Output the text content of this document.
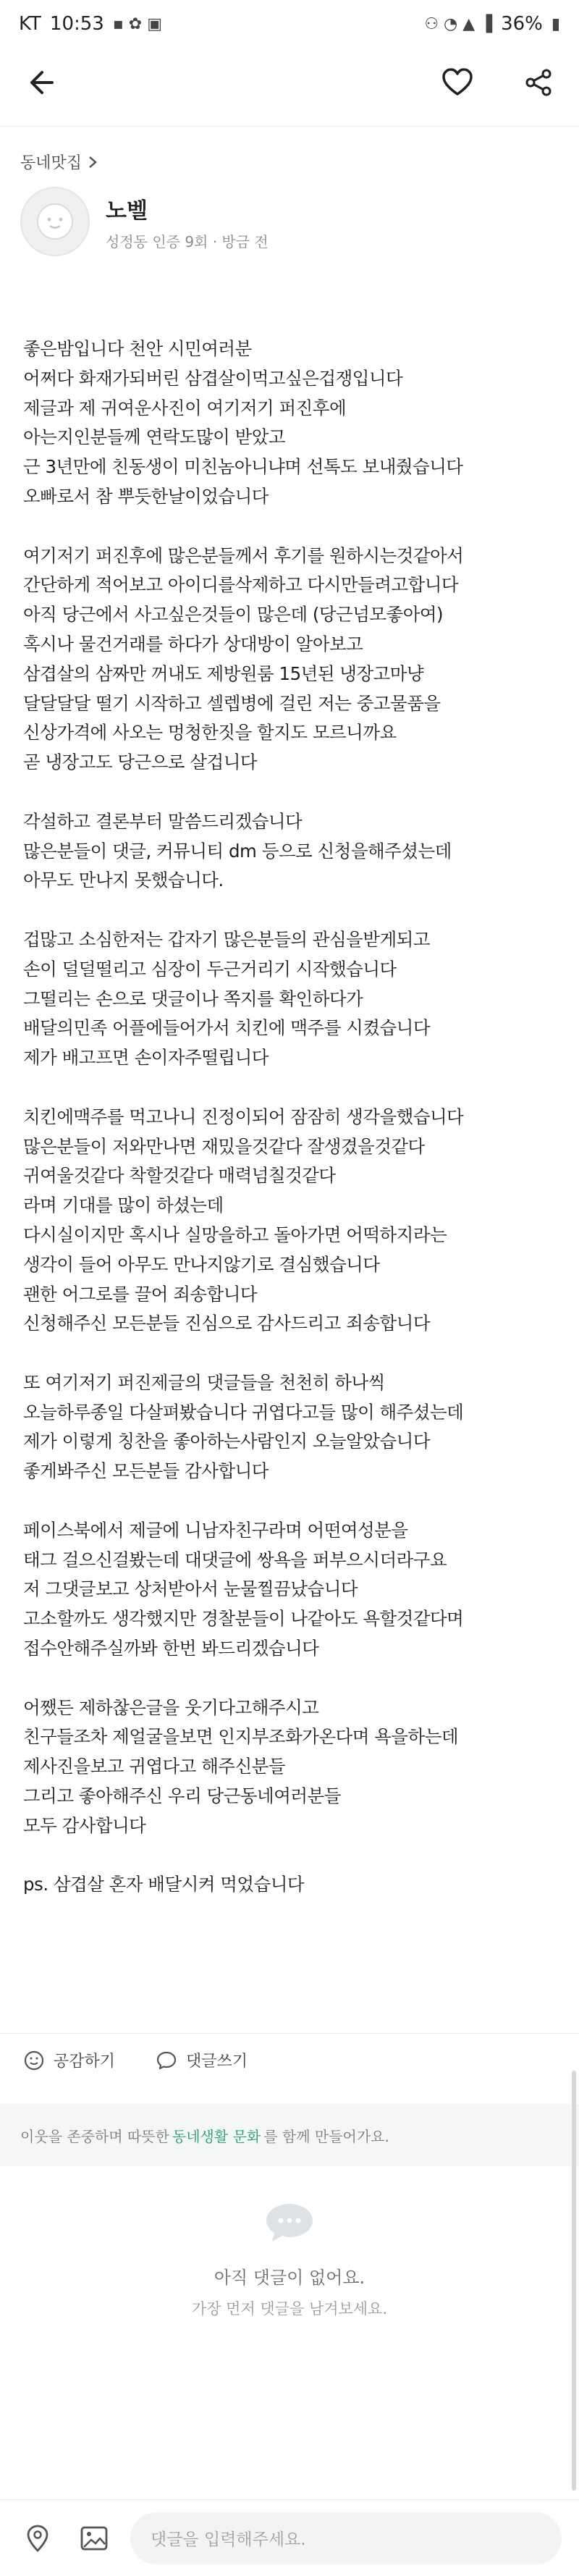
KT 10:53 ▪ ✿ ▣	⚇ ◔ ▲ ▐ 36% ▮
동네맛집
노벨
성정동 인증 9회 · 방금 전

좋은밤입니다 천안 시민여러분
어쩌다 화재가되버린 삼겹살이먹고싶은겁쟁입니다
제글과 제 귀여운사진이 여기저기 퍼진후에
아는지인분들께 연락도많이 받았고
근 3년만에 친동생이 미친놈아니냐며 선톡도 보내줬습니다
오빠로서 참 뿌듯한날이었습니다

여기저기 퍼진후에 많은분들께서 후기를 원하시는것같아서
간단하게 적어보고 아이디를삭제하고 다시만들려고합니다
아직 당근에서 사고싶은것들이 많은데 (당근넘모좋아여)
혹시나 물건거래를 하다가 상대방이 알아보고
삼겹살의 삼짜만 꺼내도 제방원룸 15년된 냉장고마냥
달달달달 떨기 시작하고 셀렙병에 걸린 저는 중고물품을
신상가격에 사오는 멍청한짓을 할지도 모르니까요
곧 냉장고도 당근으로 살겁니다

각설하고 결론부터 말씀드리겠습니다
많은분들이 댓글, 커뮤니티 dm 등으로 신청을해주셨는데
아무도 만나지 못했습니다.

겁많고 소심한저는 갑자기 많은분들의 관심을받게되고
손이 덜덜떨리고 심장이 두근거리기 시작했습니다
그떨리는 손으로 댓글이나 쪽지를 확인하다가
배달의민족 어플에들어가서 치킨에 맥주를 시켰습니다
제가 배고프면 손이자주떨립니다

치킨에맥주를 먹고나니 진정이되어 잠잠히 생각을했습니다
많은분들이 저와만나면 재밌을것같다 잘생겼을것같다
귀여울것같다 착할것같다 매력넘칠것같다
라며 기대를 많이 하셨는데
다시실이지만 혹시나 실망을하고 돌아가면 어떡하지라는
생각이 들어 아무도 만나지않기로 결심했습니다
괜한 어그로를 끌어 죄송합니다
신청해주신 모든분들 진심으로 감사드리고 죄송합니다

또 여기저기 퍼진제글의 댓글들을 천천히 하나씩
오늘하루종일 다살펴봤습니다 귀엽다고들 많이 해주셨는데
제가 이렇게 칭찬을 좋아하는사람인지 오늘알았습니다
좋게봐주신 모든분들 감사합니다

페이스북에서 제글에 니남자친구라며 어떤여성분을
태그 걸으신걸봤는데 대댓글에 쌍욕을 퍼부으시더라구요
저 그댓글보고 상처받아서 눈물찔끔났습니다
고소할까도 생각했지만 경찰분들이 나같아도 욕할것같다며
접수안해주실까봐 한번 봐드리겠습니다

어쨌든 제하찮은글을 웃기다고해주시고
친구들조차 제얼굴을보면 인지부조화가온다며 욕을하는데
제사진을보고 귀엽다고 해주신분들
그리고 좋아해주신 우리 당근동네여러분들
모두 감사합니다

ps. 삼겹살 혼자 배달시켜 먹었습니다

공감하기	댓글쓰기
이웃을 존중하며 따뜻한 동네생활 문화 를 함께 만들어가요.
아직 댓글이 없어요.
가장 먼저 댓글을 남겨보세요.
댓글을 입력해주세요.
